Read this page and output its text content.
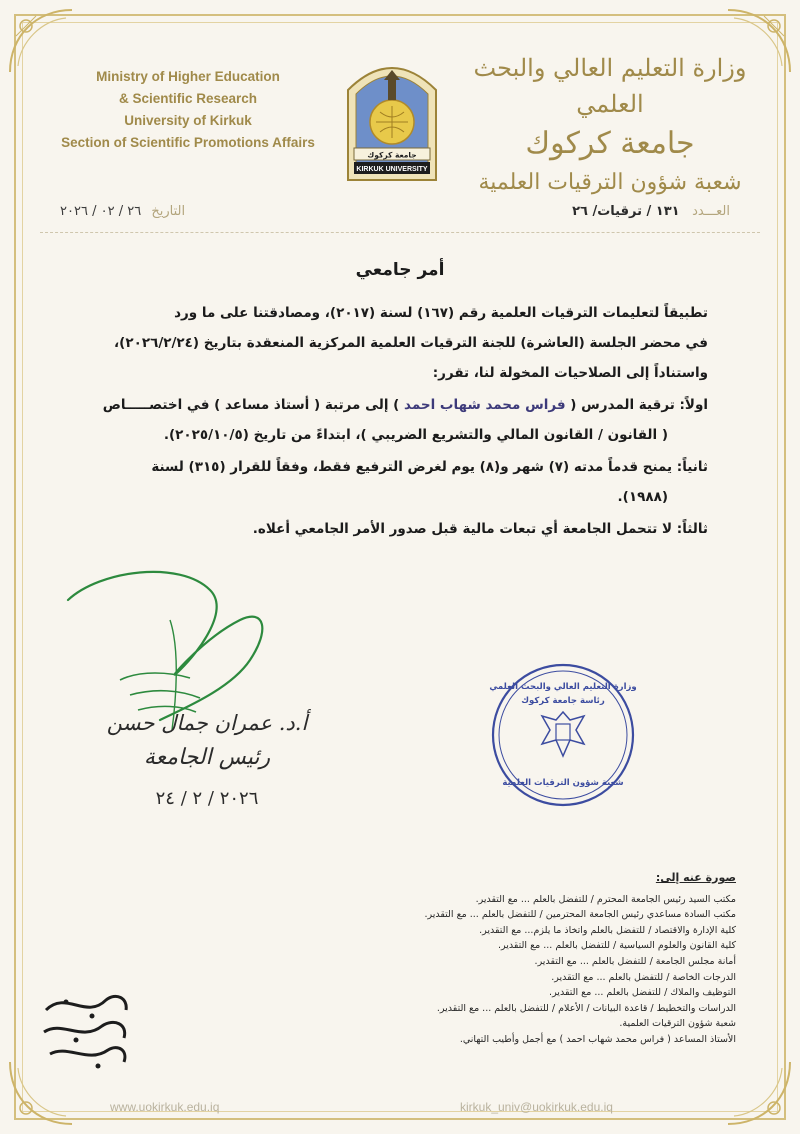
Ministry of Higher Education
& Scientific Research
University of Kirkuk
Section of Scientific Promotions Affairs
جامعة كركوك
KIRKUK UNIVERSITY
وزارة التعليم العالي والبحث العلمي
جامعة كركوك
شعبة شؤون الترقيات العلمية
التاريخ ٢٦ / ٠٢ / ٢٠٢٦	العـــدد ١٣١ / ترقيات/ ٢٦
أمر جامعي

تطبيقاً لتعليمات الترقيات العلمية رقم (١٦٧) لسنة (٢٠١٧)، ومصادقتنا على ما ورد

في محضر الجلسة (العاشرة) للجنة الترقيات العلمية المركزية المنعقدة بتاريخ (٢٠٢٦/٢/٢٤)،

واستناداً إلى الصلاحيات المخولة لنا، تقرر:

اولاً: ترقية المدرس ( فراس محمد شهاب احمد ) إلى مرتبة ( أستاذ مساعد ) في اختصـــــاص

( القانون / القانون المالي والتشريع الضريبي )، ابتداءً من تاريخ (٢٠٢٥/١٠/٥).

ثانياً: يمنح قدماً مدته (٧) شهر و(٨) يوم لغرض الترفيع فقط، وفقاً للقرار (٣١٥) لسنة

(١٩٨٨).

ثالثاً: لا تتحمل الجامعة أي تبعات مالية قبل صدور الأمر الجامعي أعلاه.

أ.د. عمران جمال حسن
رئيس الجامعة
٢٠٢٦ / ٢ / ٢٤
وزارة التعليم العالي والبحث العلمي
رئاسة جامعة كركوك
شعبة شؤون الترقيات العلمية
صورة عنه إلى:
مكتب السيد رئيس الجامعة المحترم / للتفضل بالعلم ... مع التقدير.
مكتب السادة مساعدي رئيس الجامعة المحترمين / للتفضل بالعلم ... مع التقدير.
كلية الإدارة والاقتصاد / للتفضل بالعلم واتخاذ ما يلزم... مع التقدير.
كلية القانون والعلوم السياسية / للتفضل بالعلم ... مع التقدير.
أمانة مجلس الجامعة / للتفضل بالعلم ... مع التقدير.
الدرجات الخاصة / للتفضل بالعلم ... مع التقدير.
التوظيف والملاك / للتفضل بالعلم ... مع التقدير.
الدراسات والتخطيط / قاعدة البيانات / الأعلام / للتفضل بالعلم ... مع التقدير.
شعبة شؤون الترقيات العلمية.
الأستاذ المساعد ( فراس محمد شهاب احمد ) مع أجمل وأطيب التهاني.
www.uokirkuk.edu.iq	kirkuk_univ@uokirkuk.edu.iq
